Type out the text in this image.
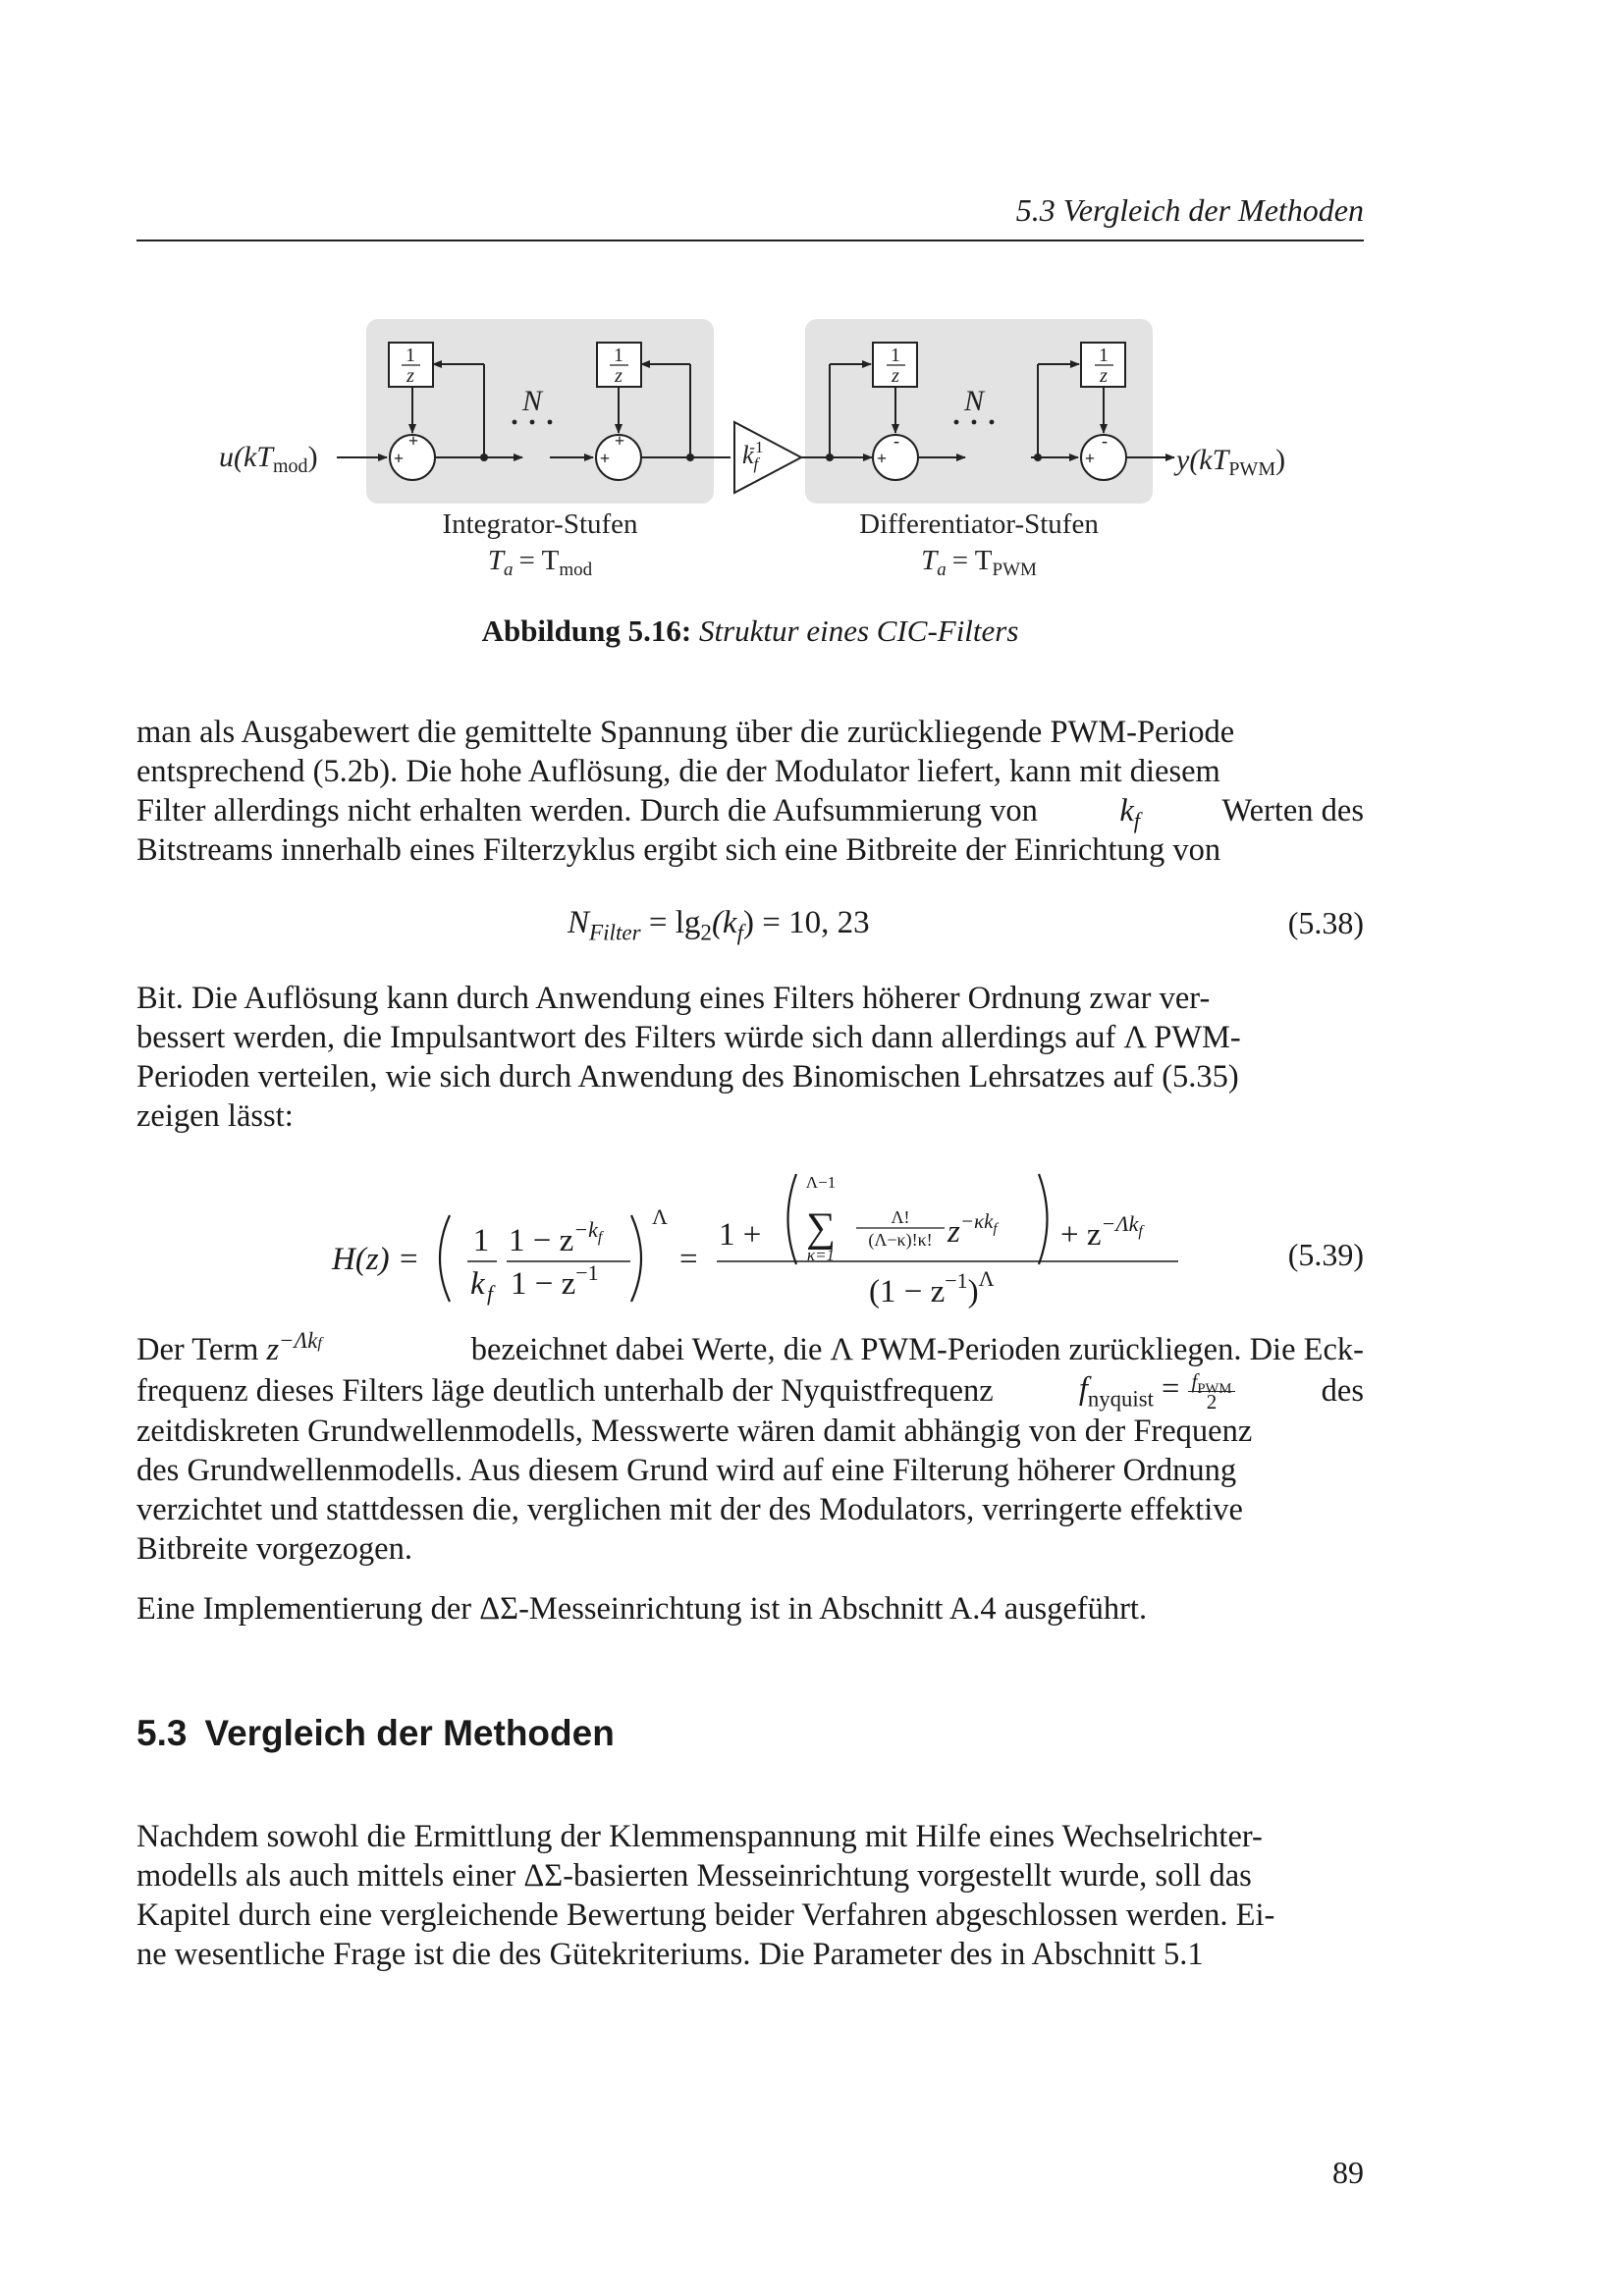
5.3 Vergleich der Methoden
1
z
1
z
1
z
1
z
+
+
+
+
+
-
+
-
N	N
$k_f-1$
$u(kT_{mod})$	$y(kT_{PWM})$
Integrator-Stufen
$T_a = T_{mod}$
Differentiator-Stufen
$T_a = T_{PWM}$
Abbildung 5.16: Struktur eines CIC-Filters

man als Ausgabewert die gemittelte Spannung über die zurückliegende PWM-Periode

entsprechend (5.2b). Die hohe Auflösung, die der Modulator liefert, kann mit diesem

Filter allerdings nicht erhalten werden. Durch die Aufsummierung von	$k_f$	Werten des

Bitstreams innerhalb eines Filterzyklus ergibt sich eine Bitbreite der Einrichtung von

$N_{Filter} = \lg_2(k_f) = 10$, 23	(5.38)

Bit. Die Auflösung kann durch Anwendung eines Filters höherer Ordnung zwar ver-

bessert werden, die Impulsantwort des Filters würde sich dann allerdings auf Λ PWM-

Perioden verteilen, wie sich durch Anwendung des Binomischen Lehrsatzes auf (5.35)

zeigen lässt:

H(z) =
1
k f
$1 - z^{-k}f$
$1 - z^{-1}$
Λ
=
1 +
Λ−1
∑
κ=1
Λ!
(Λ−κ)!κ! $z^{-\kappa k}f + z^{-\Lambda k}f$
$(1 - z^{-1})^\Lambda$
(5.39)

Der Term $z^{-\Lambda kf}$	bezeichnet dabei Werte, die Λ PWM-Perioden zurückliegen. Die Eck-

frequenz dieses Filters läge deutlich unterhalb der Nyquistfrequenz	$f_{nyquist} = \frac{f_{PWM}}{2}$	des

zeitdiskreten Grundwellenmodells, Messwerte wären damit abhängig von der Frequenz

des Grundwellenmodells. Aus diesem Grund wird auf eine Filterung höherer Ordnung

verzichtet und stattdessen die, verglichen mit der des Modulators, verringerte effektive

Bitbreite vorgezogen.

Eine Implementierung der ΔΣ-Messeinrichtung ist in Abschnitt A.4 ausgeführt.

5.3 Vergleich der Methoden

Nachdem sowohl die Ermittlung der Klemmenspannung mit Hilfe eines Wechselrichter-

modells als auch mittels einer ΔΣ-basierten Messeinrichtung vorgestellt wurde, soll das

Kapitel durch eine vergleichende Bewertung beider Verfahren abgeschlossen werden. Ei-

ne wesentliche Frage ist die des Gütekriteriums. Die Parameter des in Abschnitt 5.1

89
